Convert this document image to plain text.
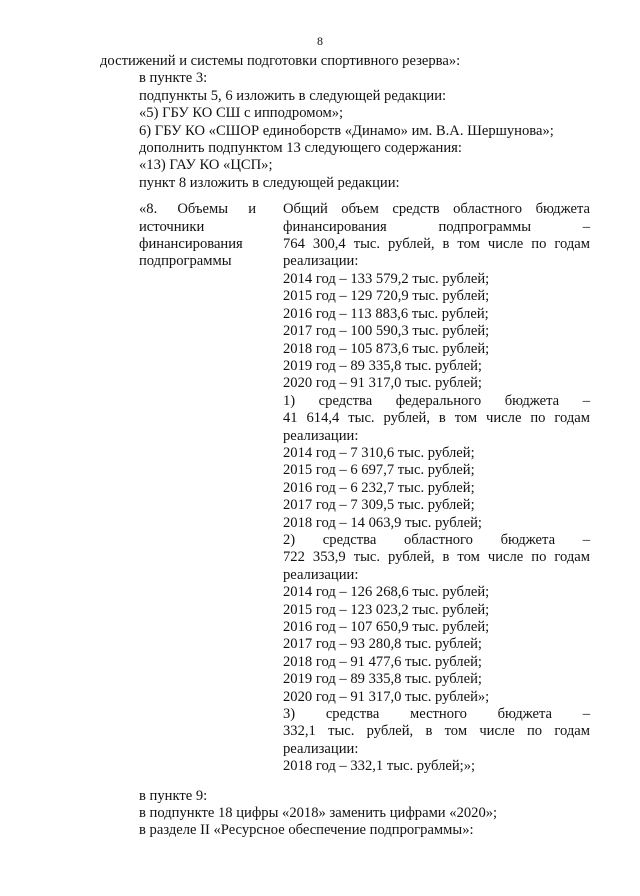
8
достижений и системы подготовки спортивного резерва»:
в пункте 3:
подпункты 5, 6 изложить в следующей редакции:
«5) ГБУ КО СШ с ипподромом»;
6) ГБУ КО «СШОР единоборств «Динамо» им. В.А. Шершунова»;
дополнить подпунктом 13 следующего содержания:
«13) ГАУ КО «ЦСП»;
пункт 8 изложить в следующей редакции:
«8. Объемы и
источники
финансирования
подпрограммы
Общий объем средств областного бюджета
финансирования подпрограммы –
764 300,4 тыс. рублей, в том числе по годам
реализации:
2014 год – 133 579,2 тыс. рублей;
2015 год – 129 720,9 тыс. рублей;
2016 год – 113 883,6 тыс. рублей;
2017 год – 100 590,3 тыс. рублей;
2018 год – 105 873,6 тыс. рублей;
2019 год – 89 335,8 тыс. рублей;
2020 год – 91 317,0 тыс. рублей;
1) средства федерального бюджета –
41 614,4 тыс. рублей, в том числе по годам
реализации:
2014 год – 7 310,6 тыс. рублей;
2015 год – 6 697,7 тыс. рублей;
2016 год – 6 232,7 тыс. рублей;
2017 год – 7 309,5 тыс. рублей;
2018 год – 14 063,9 тыс. рублей;
2) средства областного бюджета –
722 353,9 тыс. рублей, в том числе по годам
реализации:
2014 год – 126 268,6 тыс. рублей;
2015 год – 123 023,2 тыс. рублей;
2016 год – 107 650,9 тыс. рублей;
2017 год – 93 280,8 тыс. рублей;
2018 год – 91 477,6 тыс. рублей;
2019 год – 89 335,8 тыс. рублей;
2020 год – 91 317,0 тыс. рублей»;
3) средства местного бюджета –
332,1 тыс. рублей, в том числе по годам
реализации:
2018 год – 332,1 тыс. рублей;»;
в пункте 9:
в подпункте 18 цифры «2018» заменить цифрами «2020»;
в разделе II «Ресурсное обеспечение подпрограммы»:
